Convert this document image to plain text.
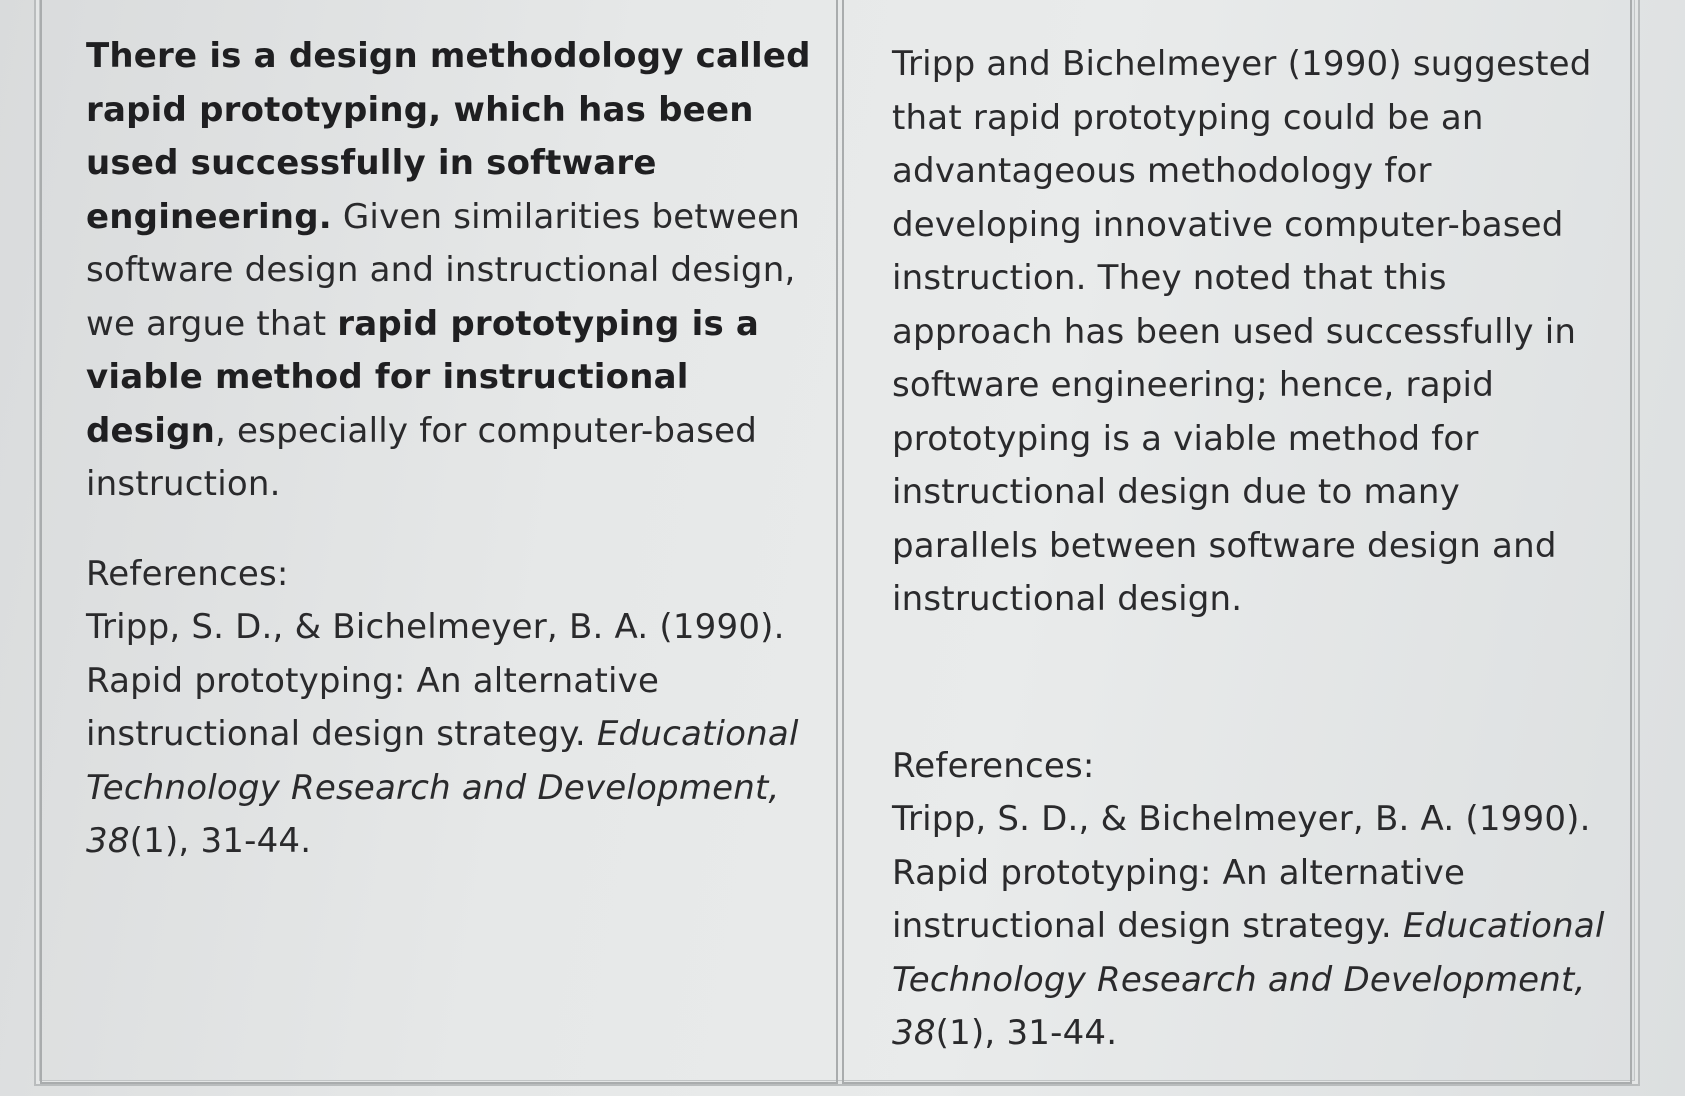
There is a design methodology called
rapid prototyping, which has been
used successfully in software
engineering. Given similarities between
software design and instructional design,
we argue that rapid prototyping is a
viable method for instructional
design, especially for computer-based
instruction.
References:
Tripp, S. D., & Bichelmeyer, B. A. (1990).
Rapid prototyping: An alternative
instructional design strategy. Educational
Technology Research and Development,
38(1), 31-44.
Tripp and Bichelmeyer (1990) suggested
that rapid prototyping could be an
advantageous methodology for
developing innovative computer-based
instruction. They noted that this
approach has been used successfully in
software engineering; hence, rapid
prototyping is a viable method for
instructional design due to many
parallels between software design and
instructional design.
References:
Tripp, S. D., & Bichelmeyer, B. A. (1990).
Rapid prototyping: An alternative
instructional design strategy. Educational
Technology Research and Development,
38(1), 31-44.
